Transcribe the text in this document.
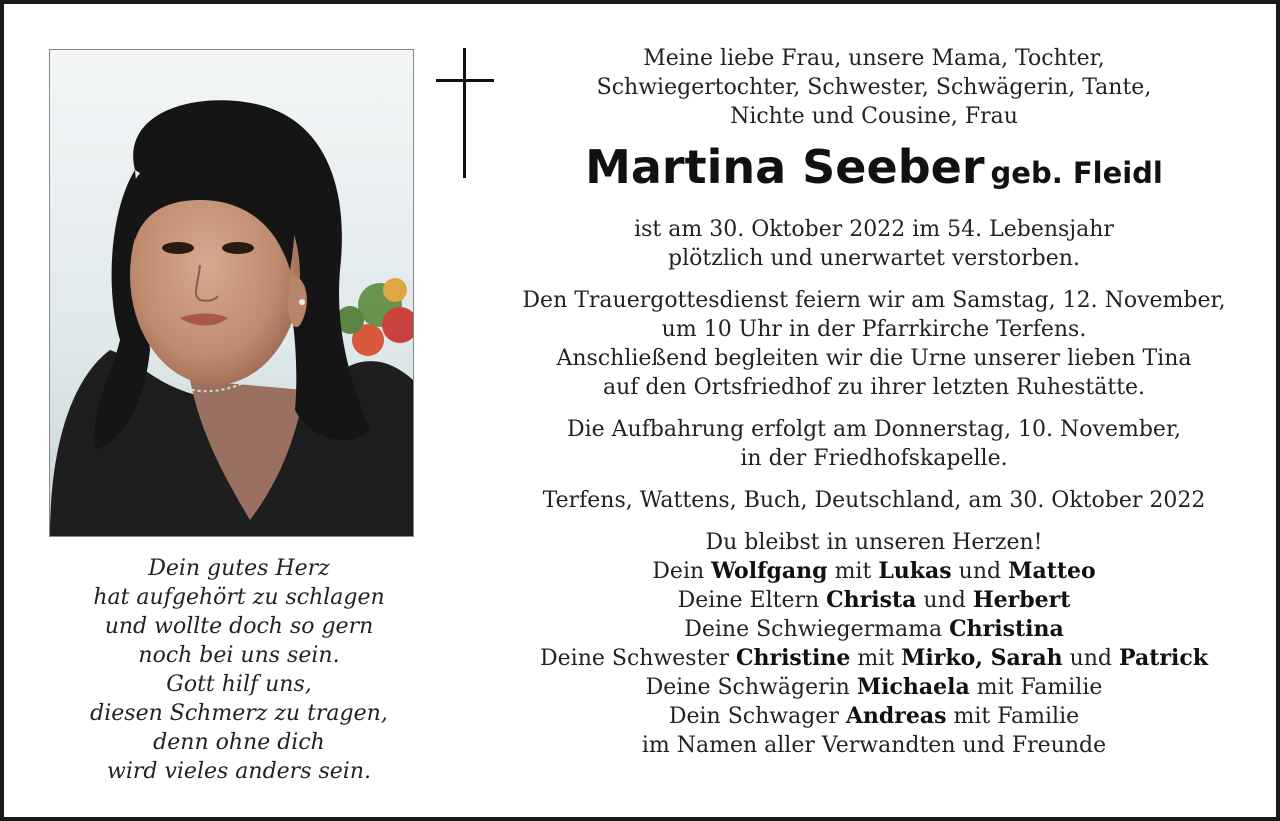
Dein gutes Herz
hat aufgehört zu schlagen
und wollte doch so gern
noch bei uns sein.
Gott hilf uns,
diesen Schmerz zu tragen,
denn ohne dich
wird vieles anders sein.
Meine liebe Frau, unsere Mama, Tochter,
Schwiegertochter, Schwester, Schwägerin, Tante,
Nichte und Cousine, Frau
Martina Seeber geb. Fleidl
ist am 30. Oktober 2022 im 54. Lebensjahr
plötzlich und unerwartet verstorben.
Den Trauergottesdienst feiern wir am Samstag, 12. November,
um 10 Uhr in der Pfarrkirche Terfens.
Anschließend begleiten wir die Urne unserer lieben Tina
auf den Ortsfriedhof zu ihrer letzten Ruhestätte.
Die Aufbahrung erfolgt am Donnerstag, 10. November,
in der Friedhofskapelle.
Terfens, Wattens, Buch, Deutschland, am 30. Oktober 2022
Du bleibst in unseren Herzen!
Dein Wolfgang mit Lukas und Matteo
Deine Eltern Christa und Herbert
Deine Schwiegermama Christina
Deine Schwester Christine mit Mirko, Sarah und Patrick
Deine Schwägerin Michaela mit Familie
Dein Schwager Andreas mit Familie
im Namen aller Verwandten und Freunde
